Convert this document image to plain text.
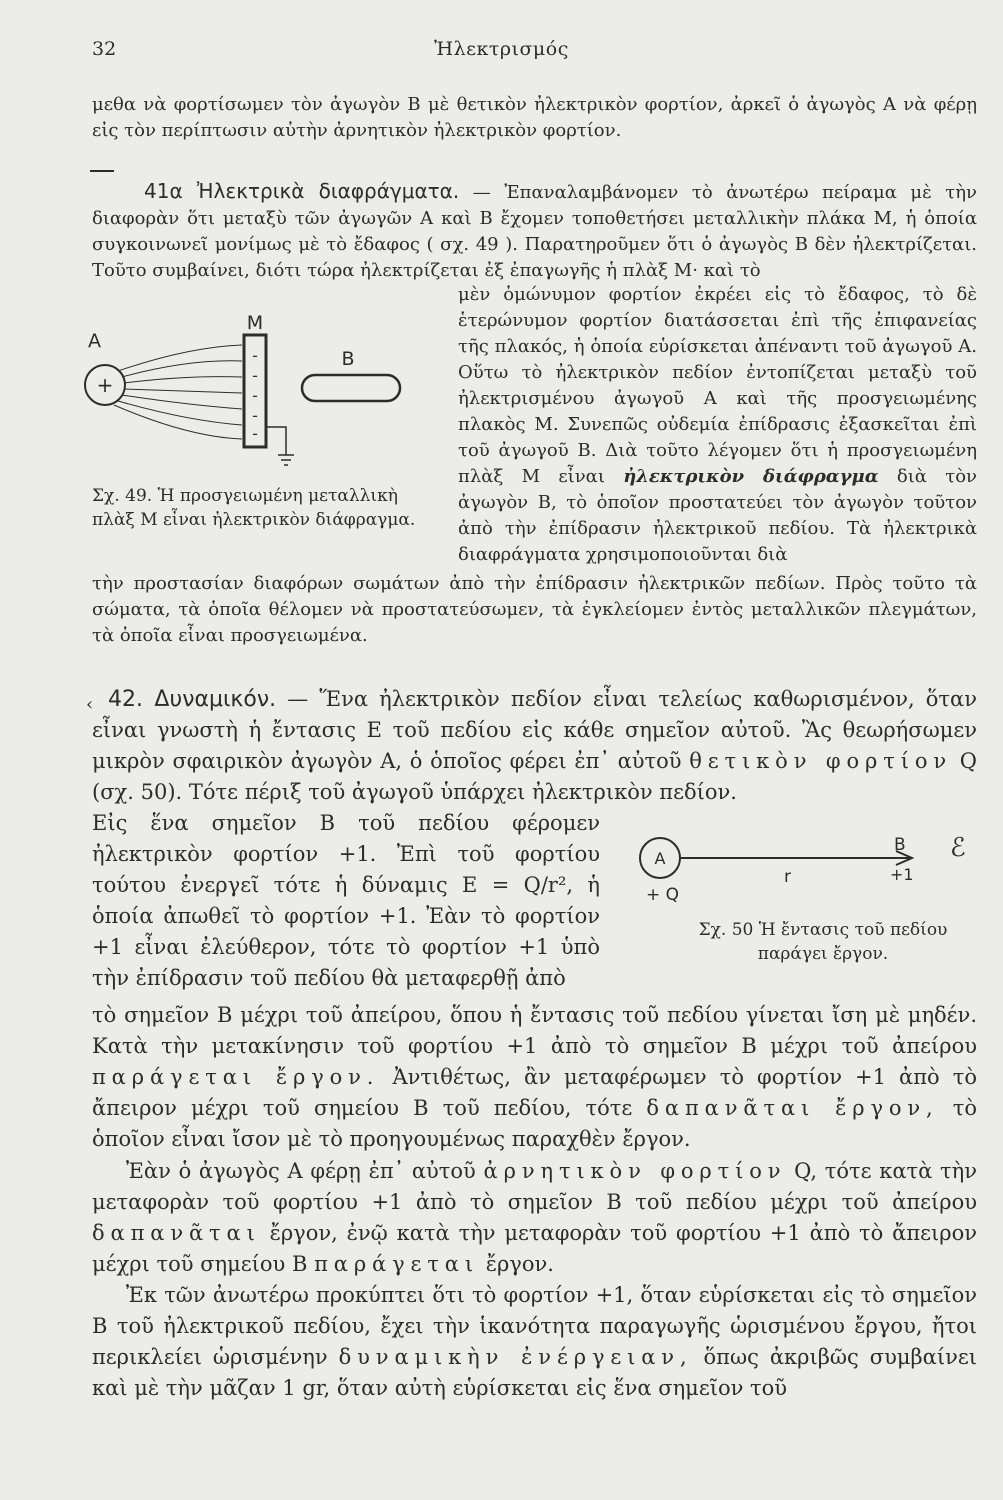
32	Ἠλεκτρισμός

μεθα νὰ φορτίσωμεν τὸν ἀγωγὸν Β μὲ θετικὸν ἠλεκτρικὸν φορτίον, ἀρκεῖ ὁ ἀγωγὸς Α νὰ φέρῃ εἰς τὸν περίπτωσιν αὐτὴν ἀρνητικὸν ἠλεκτρικὸν φορτίον.

41α Ἠλεκτρικὰ διαφράγματα. — Ἐπαναλαμβάνομεν τὸ ἀνωτέρω πείραμα μὲ τὴν διαφορὰν ὅτι μεταξὺ τῶν ἀγωγῶν Α καὶ Β ἔχομεν τοποθετήσει μεταλλικὴν πλάκα Μ, ἡ ὁποία συγκοινωνεῖ μονίμως μὲ τὸ ἔδαφος ( σχ. 49 ). Παρατηροῦμεν ὅτι ὁ ἀγωγὸς Β δὲν ἠλεκτρίζεται. Τοῦτο συμβαίνει, διότι τώρα ἠλεκτρίζεται ἐξ ἐπαγωγῆς ἡ πλὰξ Μ· καὶ τὸ

+
Α
-
-
-
-
-
Μ
Β

Σχ. 49. Ἡ προσγειωμένη μεταλλικὴ πλὰξ Μ εἶναι ἠλεκτρικὸν διάφραγμα.

μὲν ὁμώνυμον φορτίον ἐκρέει εἰς τὸ ἔδαφος, τὸ δὲ ἑτερώνυμον φορτίον διατάσσεται ἐπὶ τῆς ἐπιφανείας τῆς πλακός, ἡ ὁποία εὑρίσκεται ἀπέναντι τοῦ ἀγωγοῦ Α. Οὕτω τὸ ἠλεκτρικὸν πεδίον ἐντοπίζεται μεταξὺ τοῦ ἠλεκτρισμένου ἀγωγοῦ Α καὶ τῆς προσγειωμένης πλακὸς Μ. Συνεπῶς οὐδεμία ἐπίδρασις ἐξασκεῖται ἐπὶ τοῦ ἀγωγοῦ Β. Διὰ τοῦτο λέγομεν ὅτι ἡ προσγειωμένη πλὰξ Μ εἶναι ἠλεκτρικὸν διάφραγμα διὰ τὸν ἀγωγὸν Β, τὸ ὁποῖον προστατεύει τὸν ἀγωγὸν τοῦτον ἀπὸ τὴν ἐπίδρασιν ἠλεκτρικοῦ πεδίου. Τὰ ἠλεκτρικὰ διαφράγματα χρησιμοποιοῦνται διὰ

τὴν προστασίαν διαφόρων σωμάτων ἀπὸ τὴν ἐπίδρασιν ἠλεκτρικῶν πεδίων. Πρὸς τοῦτο τὰ σώματα, τὰ ὁποῖα θέλομεν νὰ προστατεύσωμεν, τὰ ἐγκλείομεν ἐντὸς μεταλλικῶν πλεγμάτων, τὰ ὁποῖα εἶναι προσγειωμένα.

‹ 42. Δυναμικόν. — Ἕνα ἠλεκτρικὸν πεδίον εἶναι τελείως καθωρισμένον, ὅταν εἶναι γνωστὴ ἡ ἔντασις Ε τοῦ πεδίου εἰς κάθε σημεῖον αὐτοῦ. Ἂς θεωρήσωμεν μικρὸν σφαιρικὸν ἀγωγὸν Α, ὁ ὁποῖος φέρει ἐπ᾿ αὐτοῦ θετικὸν φορτίον Q (σχ. 50). Τότε πέριξ τοῦ ἀγωγοῦ ὑπάρχει ἠλεκτρικὸν πεδίον.

Εἰς ἕνα σημεῖον Β τοῦ πεδίου φέρομεν ἠλεκτρικὸν φορτίον +1. Ἐπὶ τοῦ φορτίου τούτου ἐνεργεῖ τότε ἡ δύναμις Ε = Q/r², ἡ ὁποία ἀπωθεῖ τὸ φορτίον +1. Ἐὰν τὸ φορτίον +1 εἶναι ἐλεύθερον, τότε τὸ φορτίον +1 ὑπὸ τὴν ἐπίδρασιν τοῦ πεδίου θὰ μεταφερθῇ ἀπὸ

A
+ Q
r
B
+1
ℰ

Σχ. 50 Ἡ ἔντασις τοῦ πεδίου παράγει ἔργον.

τὸ σημεῖον Β μέχρι τοῦ ἀπείρου, ὅπου ἡ ἔντασις τοῦ πεδίου γίνεται ἴση μὲ μηδέν. Κατὰ τὴν μετακίνησιν τοῦ φορτίου +1 ἀπὸ τὸ σημεῖον Β μέχρι τοῦ ἀπείρου παράγεται ἔργον. Ἀντιθέτως, ἂν μεταφέρωμεν τὸ φορτίον +1 ἀπὸ τὸ ἄπειρον μέχρι τοῦ σημείου Β τοῦ πεδίου, τότε δαπανᾶται ἔργον, τὸ ὁποῖον εἶναι ἴσον μὲ τὸ προηγουμένως παραχθὲν ἔργον.

Ἐὰν ὁ ἀγωγὸς Α φέρῃ ἐπ᾿ αὐτοῦ ἀρνητικὸν φορτίον Q, τότε κατὰ τὴν μεταφορὰν τοῦ φορτίου +1 ἀπὸ τὸ σημεῖον Β τοῦ πεδίου μέχρι τοῦ ἀπείρου δαπανᾶται ἔργον, ἐνῷ κατὰ τὴν μεταφορὰν τοῦ φορτίου +1 ἀπὸ τὸ ἄπειρον μέχρι τοῦ σημείου Β παράγεται ἔργον.

Ἐκ τῶν ἀνωτέρω προκύπτει ὅτι τὸ φορτίον +1, ὅταν εὑρίσκεται εἰς τὸ σημεῖον Β τοῦ ἠλεκτρικοῦ πεδίου, ἔχει τὴν ἱκανότητα παραγωγῆς ὡρισμένου ἔργου, ἤτοι περικλείει ὡρισμένην δυναμικὴν ἐνέργειαν, ὅπως ἀκριβῶς συμβαίνει καὶ μὲ τὴν μᾶζαν 1 gr, ὅταν αὐτὴ εὑρίσκεται εἰς ἕνα σημεῖον τοῦ
